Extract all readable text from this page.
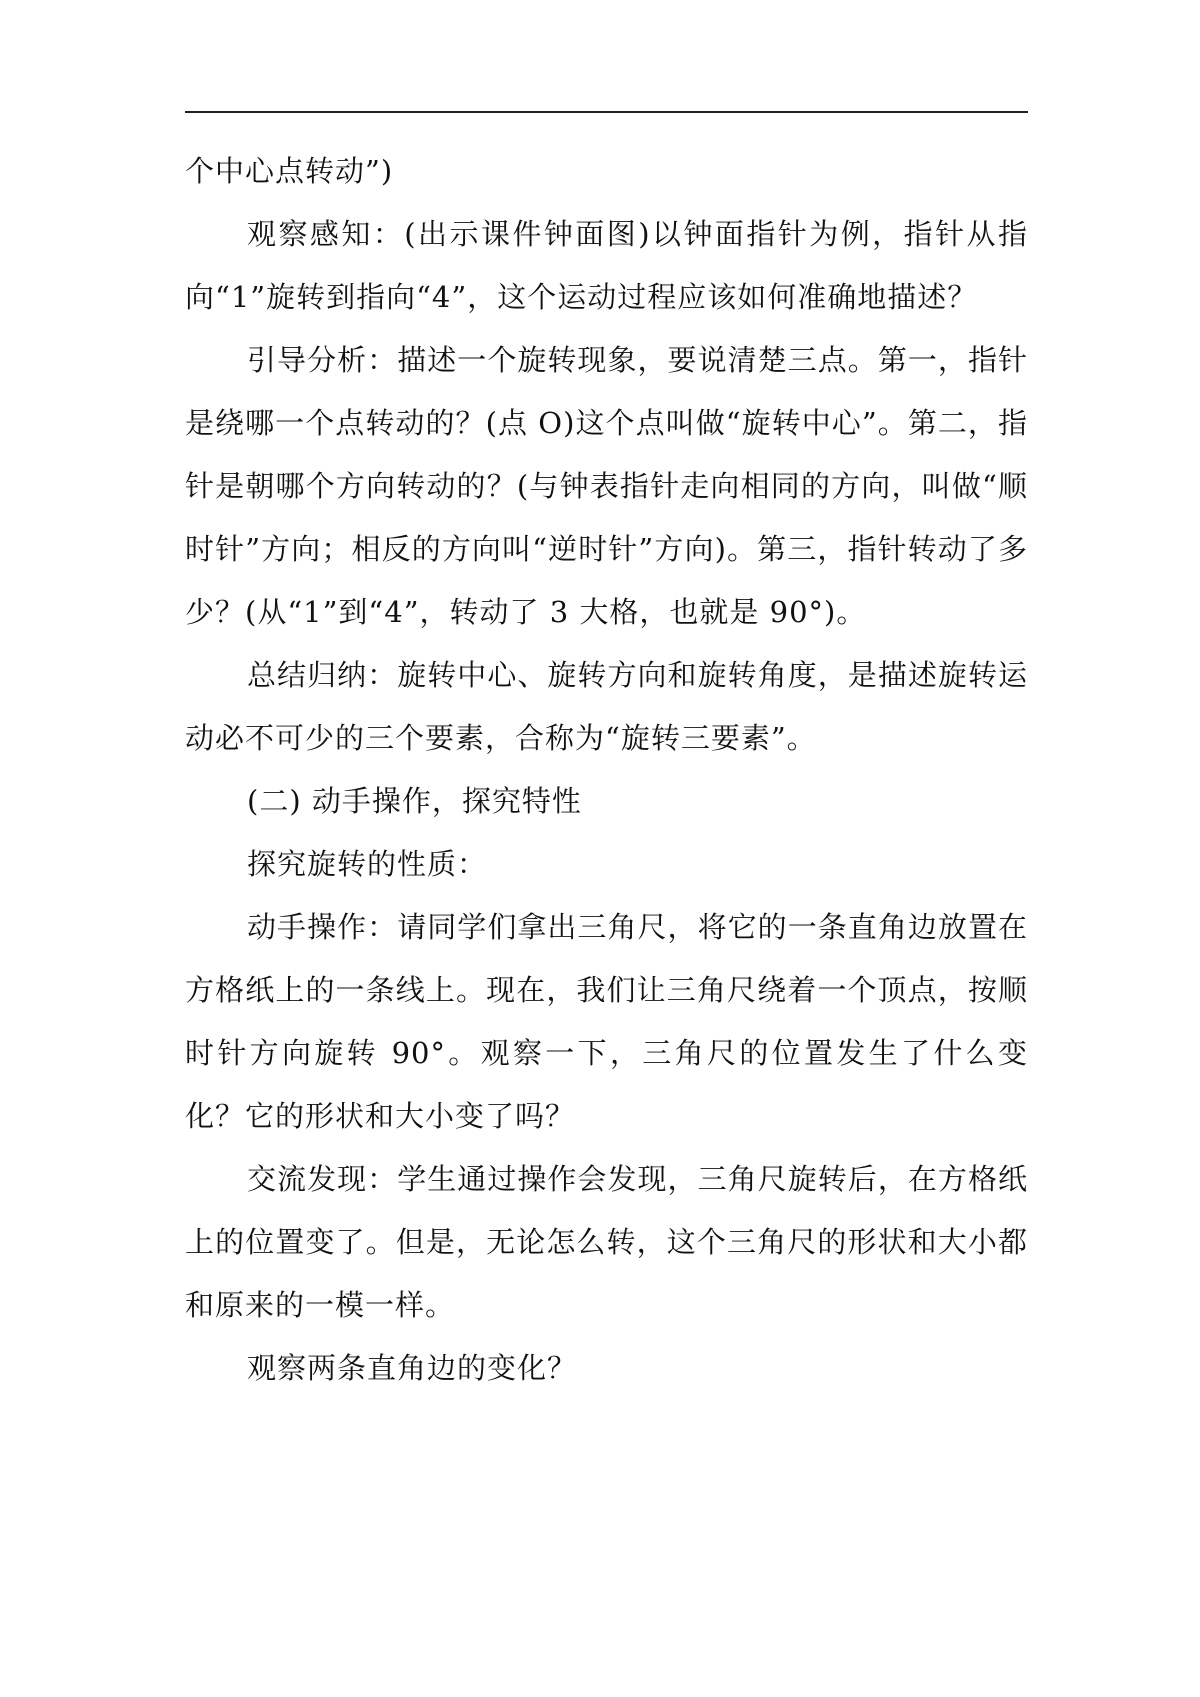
个中心点转动”)

观察感知：(出示课件钟面图)以钟面指针为例，指针从指向“1”旋转到指向“4”，这个运动过程应该如何准确地描述？

引导分析：描述一个旋转现象，要说清楚三点。第一，指针是绕哪一个点转动的？(点 O)这个点叫做“旋转中心”。第二，指针是朝哪个方向转动的？(与钟表指针走向相同的方向，叫做“顺时针”方向；相反的方向叫“逆时针”方向)。第三，指针转动了多少？(从“1”到“4”，转动了 3 大格，也就是 90°)。

总结归纳：旋转中心、旋转方向和旋转角度，是描述旋转运动必不可少的三个要素，合称为“旋转三要素”。

(二) 动手操作，探究特性

探究旋转的性质：

动手操作：请同学们拿出三角尺，将它的一条直角边放置在方格纸上的一条线上。现在，我们让三角尺绕着一个顶点，按顺时针方向旋转 90°。观察一下，三角尺的位置发生了什么变化？它的形状和大小变了吗？

交流发现：学生通过操作会发现，三角尺旋转后，在方格纸上的位置变了。但是，无论怎么转，这个三角尺的形状和大小都和原来的一模一样。

观察两条直角边的变化？
